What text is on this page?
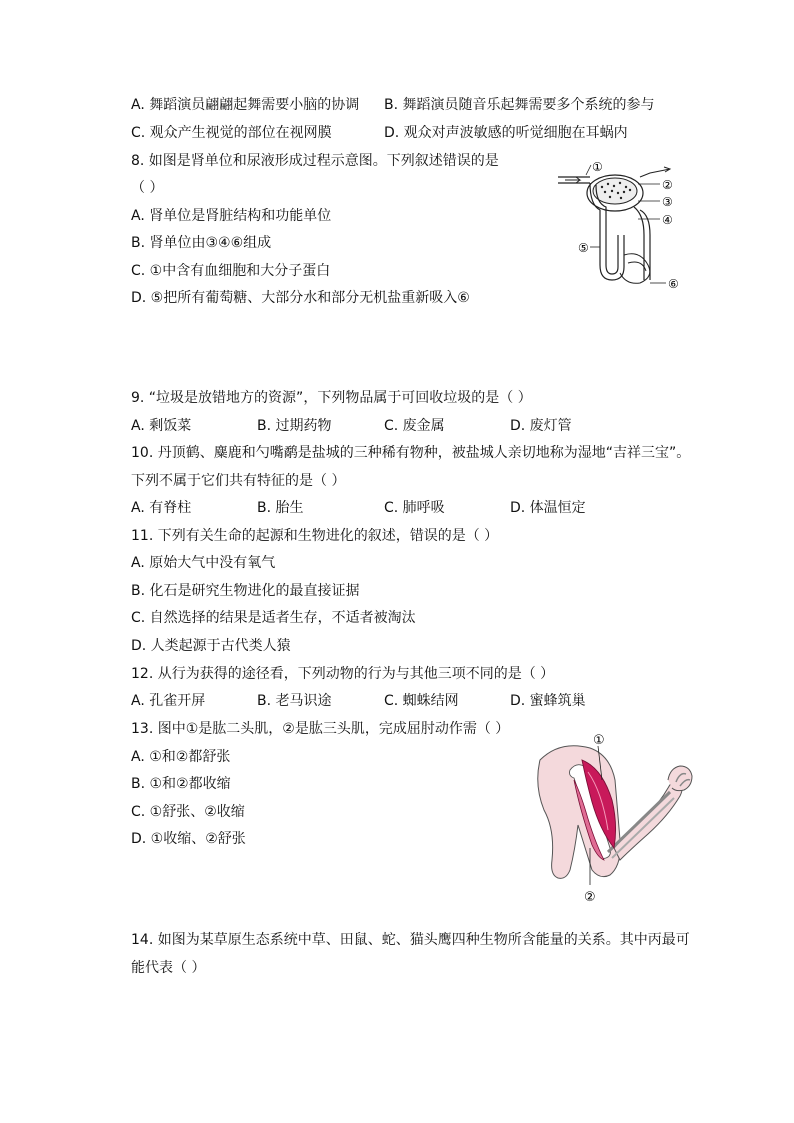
A. 舞蹈演员翩翩起舞需要小脑的协调 B. 舞蹈演员随音乐起舞需要多个系统的参与
C. 观众产生视觉的部位在视网膜	D. 观众对声波敏感的听觉细胞在耳蜗内
8. 如图是肾单位和尿液形成过程示意图。下列叙述错误的是
（ ）
A. 肾单位是肾脏结构和功能单位
B. 肾单位由③④⑥组成
C. ①中含有血细胞和大分子蛋白
D. ⑤把所有葡萄糖、大部分水和部分无机盐重新吸入⑥
①
②
③
④
⑤
⑥
9. “垃圾是放错地方的资源”，下列物品属于可回收垃圾的是（ ）
A. 剩饭菜	B. 过期药物	C. 废金属	D. 废灯管
10. 丹顶鹤、麋鹿和勺嘴鹬是盐城的三种稀有物种，被盐城人亲切地称为湿地“吉祥三宝”。
下列不属于它们共有特征的是（ ）
A. 有脊柱	B. 胎生	C. 肺呼吸	D. 体温恒定
11. 下列有关生命的起源和生物进化的叙述，错误的是（ ）
A. 原始大气中没有氧气
B. 化石是研究生物进化的最直接证据
C. 自然选择的结果是适者生存，不适者被淘汰
D. 人类起源于古代类人猿
12. 从行为获得的途径看，下列动物的行为与其他三项不同的是（ ）
A. 孔雀开屏	B. 老马识途	C. 蜘蛛结网	D. 蜜蜂筑巢
13. 图中①是肱二头肌，②是肱三头肌，完成屈肘动作需（ ）
A. ①和②都舒张
B. ①和②都收缩
C. ①舒张、②收缩
D. ①收缩、②舒张
①
②
14. 如图为某草原生态系统中草、田鼠、蛇、猫头鹰四种生物所含能量的关系。其中丙最可
能代表（ ）
